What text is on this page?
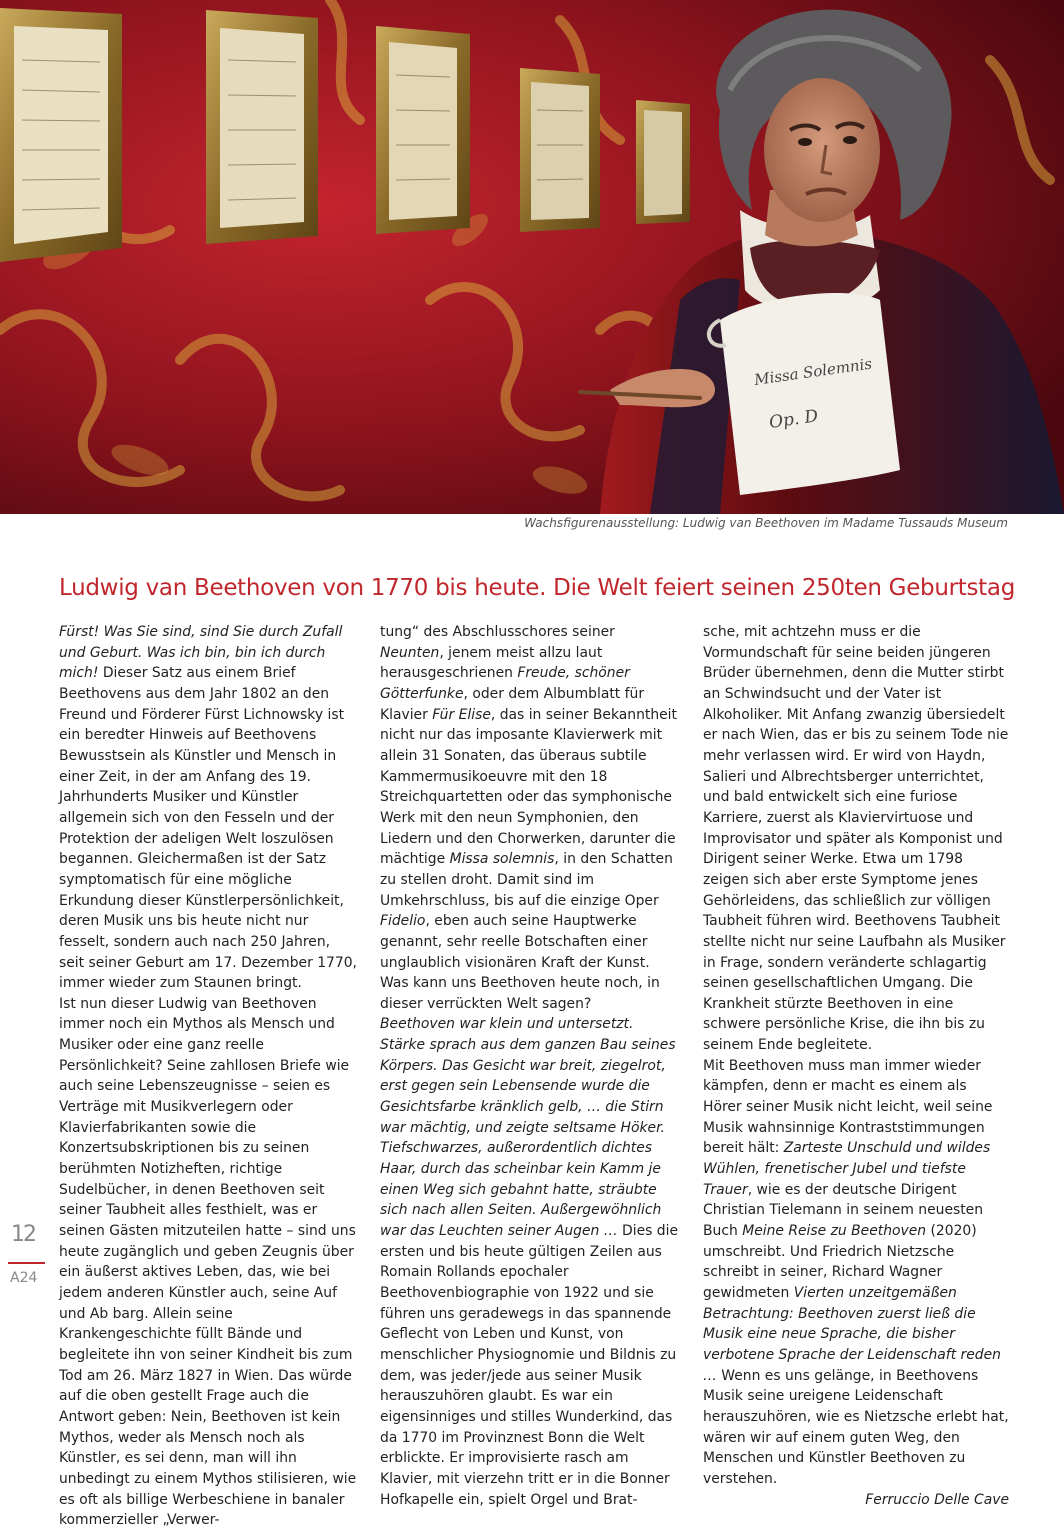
Missa Solemnis
Op. D
Wachsfigurenausstellung: Ludwig van Beethoven im Madame Tussauds Museum
Ludwig van Beethoven von 1770 bis heute. Die Welt feiert seinen 250ten Geburtstag

Fürst! Was Sie sind, sind Sie durch Zufall und Geburt. Was ich bin, bin ich durch mich! Dieser Satz aus einem Brief Beethovens aus dem Jahr 1802 an den Freund und Förderer Fürst Lichnowsky ist ein beredter Hinweis auf Beethovens Bewusstsein als Künstler und Mensch in einer Zeit, in der am Anfang des 19. Jahrhunderts Musiker und Künstler allgemein sich von den Fesseln und der Protektion der adeligen Welt loszulösen begannen. Gleichermaßen ist der Satz symptomatisch für eine mögliche Erkundung dieser Künstlerpersönlichkeit, deren Musik uns bis heute nicht nur fesselt, sondern auch nach 250 Jahren, seit seiner Geburt am 17. Dezember 1770, immer wieder zum Staunen bringt.

Ist nun dieser Ludwig van Beethoven immer noch ein Mythos als Mensch und Musiker oder eine ganz reelle Persönlichkeit? Seine zahllosen Briefe wie auch seine Lebenszeugnisse – seien es Verträge mit Musikverlegern oder Klavierfabrikanten sowie die Konzertsubskriptionen bis zu seinen berühmten Notizheften, richtige Sudelbücher, in denen Beethoven seit seiner Taubheit alles festhielt, was er seinen Gästen mitzuteilen hatte – sind uns heute zugänglich und geben Zeugnis über ein äußerst aktives Leben, das, wie bei jedem anderen Künstler auch, seine Auf und Ab barg. Allein seine Krankengeschichte füllt Bände und begleitete ihn von seiner Kindheit bis zum Tod am 26. März 1827 in Wien. Das würde auf die oben gestellt Frage auch die Antwort geben: Nein, Beethoven ist kein Mythos, weder als Mensch noch als Künstler, es sei denn, man will ihn unbedingt zu einem Mythos stilisieren, wie es oft als billige Werbeschiene in banaler kommerzieller „Verwer-

tung“ des Abschlusschores seiner Neunten, jenem meist allzu laut herausgeschrienen Freude, schöner Götterfunke, oder dem Albumblatt für Klavier Für Elise, das in seiner Bekanntheit nicht nur das imposante Klavierwerk mit allein 31 Sonaten, das überaus subtile Kammermusikoeuvre mit den 18 Streichquartetten oder das symphonische Werk mit den neun Symphonien, den Liedern und den Chorwerken, darunter die mächtige Missa solemnis, in den Schatten zu stellen droht. Damit sind im Umkehrschluss, bis auf die einzige Oper Fidelio, eben auch seine Hauptwerke genannt, sehr reelle Botschaften einer unglaublich visionären Kraft der Kunst.

Was kann uns Beethoven heute noch, in dieser verrückten Welt sagen?

Beethoven war klein und untersetzt. Stärke sprach aus dem ganzen Bau seines Körpers. Das Gesicht war breit, ziegelrot, erst gegen sein Lebensende wurde die Gesichtsfarbe kränklich gelb, … die Stirn war mächtig, und zeigte seltsame Höker. Tiefschwarzes, außerordentlich dichtes Haar, durch das scheinbar kein Kamm je einen Weg sich gebahnt hatte, sträubte sich nach allen Seiten. Außergewöhnlich war das Leuchten seiner Augen … Dies die ersten und bis heute gültigen Zeilen aus Romain Rollands epochaler Beethovenbiographie von 1922 und sie führen uns geradewegs in das spannende Geflecht von Leben und Kunst, von menschlicher Physiognomie und Bildnis zu dem, was jeder/jede aus seiner Musik herauszuhören glaubt. Es war ein eigensinniges und stilles Wunderkind, das da 1770 im Provinznest Bonn die Welt erblickte. Er improvisierte rasch am Klavier, mit vierzehn tritt er in die Bonner Hofkapelle ein, spielt Orgel und Brat-

sche, mit achtzehn muss er die Vormundschaft für seine beiden jüngeren Brüder übernehmen, denn die Mutter stirbt an Schwindsucht und der Vater ist Alkoholiker. Mit Anfang zwanzig übersiedelt er nach Wien, das er bis zu seinem Tode nie mehr verlassen wird. Er wird von Haydn, Salieri und Albrechtsberger unterrichtet, und bald entwickelt sich eine furiose Karriere, zuerst als Klaviervirtuose und Improvisator und später als Komponist und Dirigent seiner Werke. Etwa um 1798 zeigen sich aber erste Symptome jenes Gehörleidens, das schließlich zur völligen Taubheit führen wird. Beethovens Taubheit stellte nicht nur seine Laufbahn als Musiker in Frage, sondern veränderte schlagartig seinen gesellschaftlichen Umgang. Die Krankheit stürzte Beethoven in eine schwere persönliche Krise, die ihn bis zu seinem Ende begleitete.

Mit Beethoven muss man immer wieder kämpfen, denn er macht es einem als Hörer seiner Musik nicht leicht, weil seine Musik wahnsinnige Kontraststimmungen bereit hält: Zarteste Unschuld und wildes Wühlen, frenetischer Jubel und tiefste Trauer, wie es der deutsche Dirigent Christian Tielemann in seinem neuesten Buch Meine Reise zu Beethoven (2020) umschreibt. Und Friedrich Nietzsche schreibt in seiner, Richard Wagner gewidmeten Vierten unzeitgemäßen Betrachtung: Beethoven zuerst ließ die Musik eine neue Sprache, die bisher verbotene Sprache der Leidenschaft reden … Wenn es uns gelänge, in Beethovens Musik seine ureigene Leidenschaft herauszuhören, wie es Nietzsche erlebt hat, wären wir auf einem guten Weg, den Menschen und Künstler Beethoven zu verstehen.

Ferruccio Delle Cave

12
A24
